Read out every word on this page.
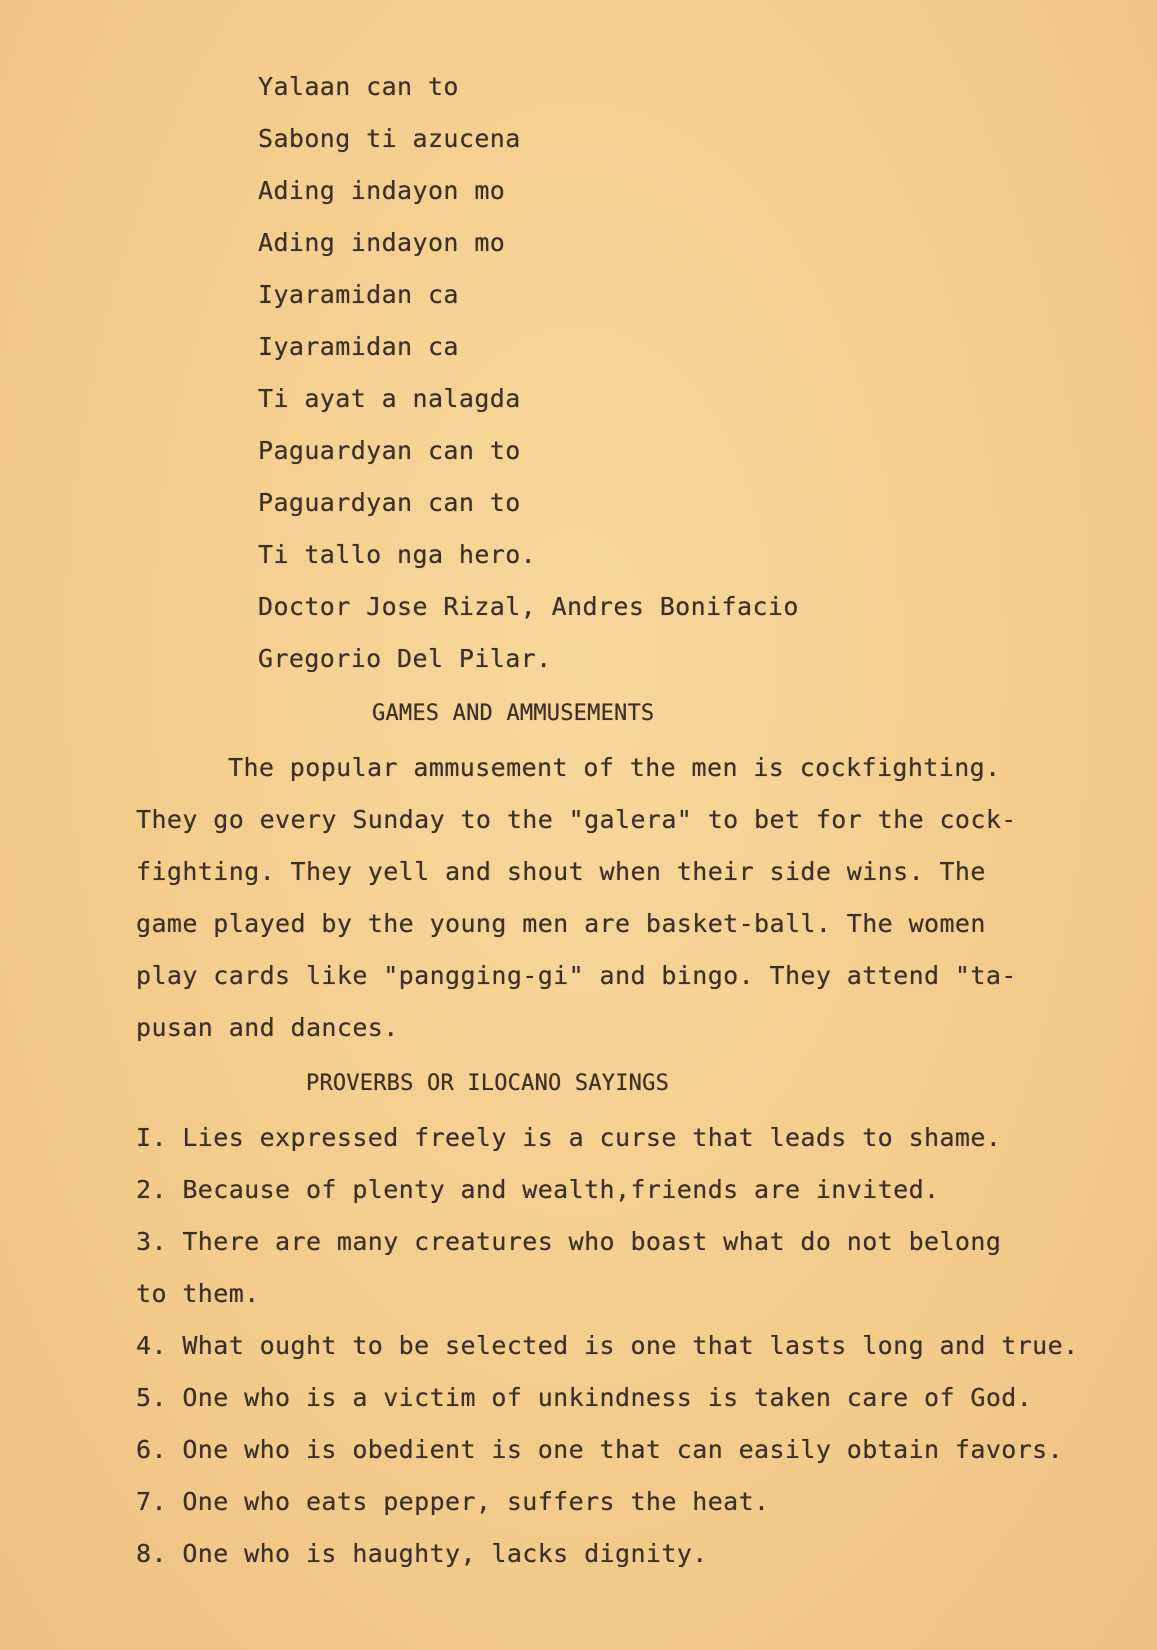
Yalaan can to
Sabong ti azucena
Ading indayon mo
Ading indayon mo
Iyaramidan ca
Iyaramidan ca
Ti ayat a nalagda
Paguardyan can to
Paguardyan can to
Ti tallo nga hero.
Doctor Jose Rizal, Andres Bonifacio
Gregorio Del Pilar.
GAMES AND AMMUSEMENTS
The popular ammusement of the men is cockfighting.
They go every Sunday to the "galera" to bet for the cock-
fighting. They yell and shout when their side wins. The
game played by the young men are basket-ball. The women
play cards like "pangging-gi" and bingo. They attend "ta-
pusan and dances.
PROVERBS OR ILOCANO SAYINGS
I. Lies expressed freely is a curse that leads to shame.
2. Because of plenty and wealth,friends are invited.
3. There are many creatures who boast what do not belong
to them.
4. What ought to be selected is one that lasts long and true.
5. One who is a victim of unkindness is taken care of God.
6. One who is obedient is one that can easily obtain favors.
7. One who eats pepper, suffers the heat.
8. One who is haughty, lacks dignity.
